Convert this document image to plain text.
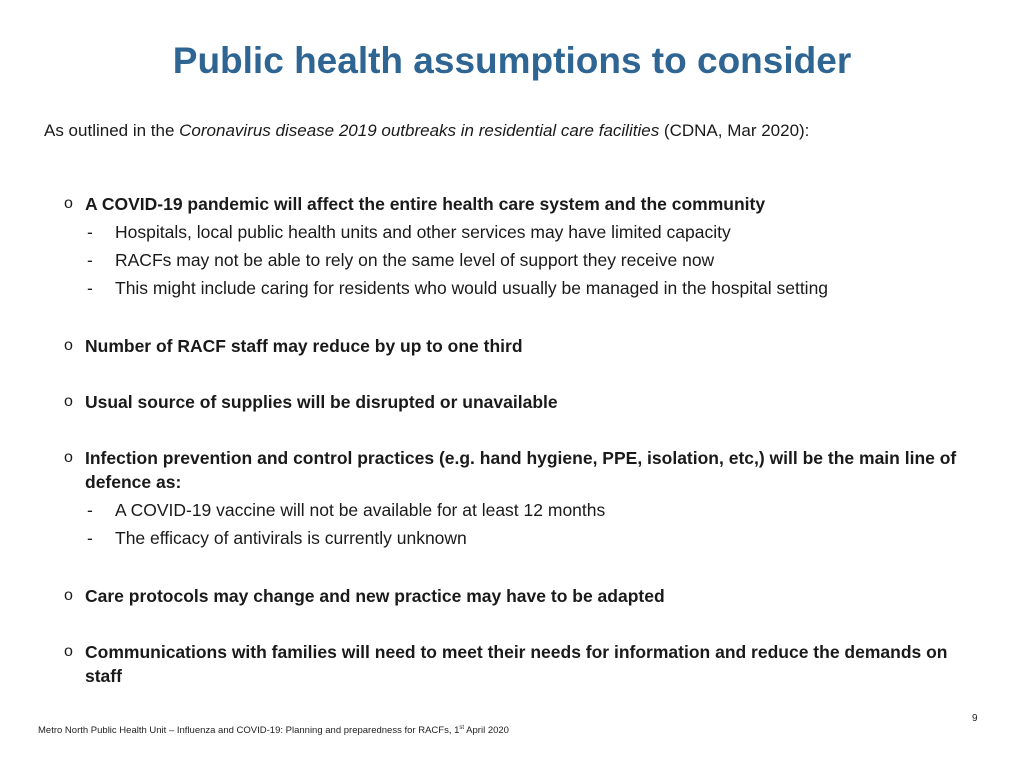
Public health assumptions to consider
As outlined in the Coronavirus disease 2019 outbreaks in residential care facilities (CDNA, Mar 2020):
o A COVID-19 pandemic will affect the entire health care system and the community
- Hospitals, local public health units and other services may have limited capacity
- RACFs may not be able to rely on the same level of support they receive now
- This might include caring for residents who would usually be managed in the hospital setting
o Number of RACF staff may reduce by up to one third
o Usual source of supplies will be disrupted or unavailable
o Infection prevention and control practices (e.g. hand hygiene, PPE, isolation, etc,) will be the main line of defence as:
- A COVID-19 vaccine will not be available for at least 12 months
- The efficacy of antivirals is currently unknown
o Care protocols may change and new practice may have to be adapted
o Communications with families will need to meet their needs for information and reduce the demands on staff
9
Metro North Public Health Unit – Influenza and COVID-19: Planning and preparedness for RACFs, 1st April 2020
